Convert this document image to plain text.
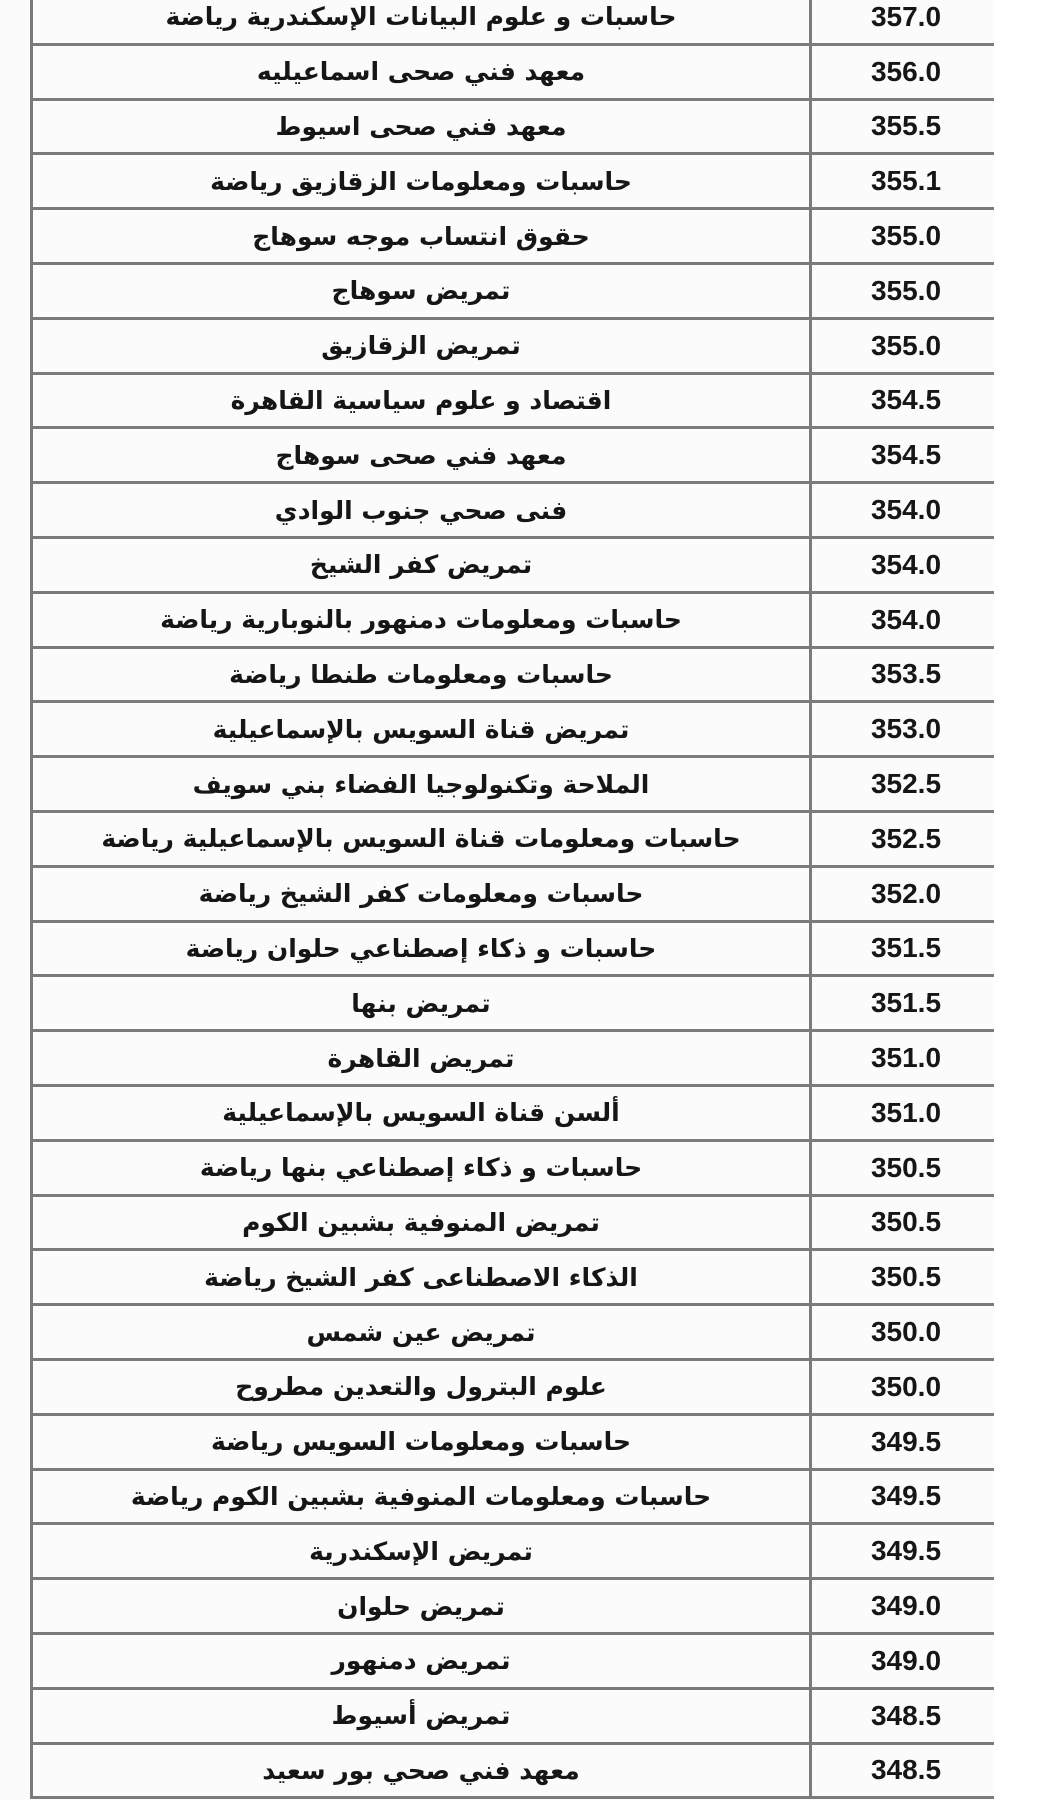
حاسبات و علوم البيانات الإسكندرية رياضة	357.0
معهد فني صحى اسماعيليه	356.0
معهد فني صحى اسيوط	355.5
حاسبات ومعلومات الزقازيق رياضة	355.1
حقوق انتساب موجه سوهاج	355.0
تمريض سوهاج	355.0
تمريض الزقازيق	355.0
اقتصاد و علوم سياسية القاهرة	354.5
معهد فني صحى سوهاج	354.5
فنى صحي جنوب الوادي	354.0
تمريض كفر الشيخ	354.0
حاسبات ومعلومات دمنهور بالنوبارية رياضة	354.0
حاسبات ومعلومات طنطا رياضة	353.5
تمريض قناة السويس بالإسماعيلية	353.0
الملاحة وتكنولوجيا الفضاء بني سويف	352.5
حاسبات ومعلومات قناة السويس بالإسماعيلية رياضة	352.5
حاسبات ومعلومات كفر الشيخ رياضة	352.0
حاسبات و ذكاء إصطناعي حلوان رياضة	351.5
تمريض بنها	351.5
تمريض القاهرة	351.0
ألسن قناة السويس بالإسماعيلية	351.0
حاسبات و ذكاء إصطناعي بنها رياضة	350.5
تمريض المنوفية بشبين الكوم	350.5
الذكاء الاصطناعى كفر الشيخ رياضة	350.5
تمريض عين شمس	350.0
علوم البترول والتعدين مطروح	350.0
حاسبات ومعلومات السويس رياضة	349.5
حاسبات ومعلومات المنوفية بشبين الكوم رياضة	349.5
تمريض الإسكندرية	349.5
تمريض حلوان	349.0
تمريض دمنهور	349.0
تمريض أسيوط	348.5
معهد فني صحي بور سعيد	348.5
